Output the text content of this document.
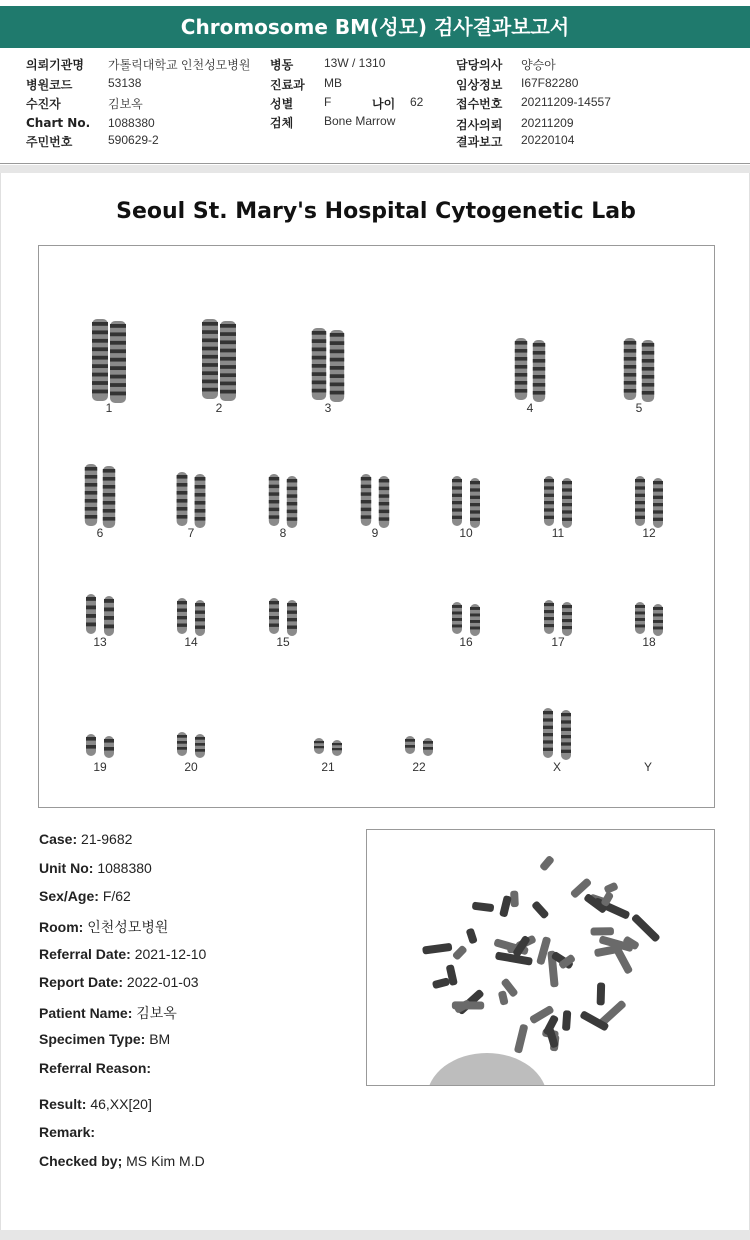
Chromosome BM(성모) 검사결과보고서
의뢰기관명 가톨릭대학교 인천성모병원
병원코드	53138
수진자	김보옥
Chart No. 1088380
주민번호	590629-2
병동	13W / 1310
진료과 MB
성별	F	나이 62
검체	Bone Marrow
담당의사 양승아
임상정보 I67F82280
접수번호 20211209-14557
검사의뢰 20211209
결과보고 20220104
Seoul St. Mary's Hospital Cytogenetic Lab
1	2	3	4	5
6	7	8	9	10	11	12
13	14	15	16	17	18
19	20	21	22	X	Y
Case: 21-9682
Unit No: 1088380
Sex/Age: F/62
Room: 인천성모병원
Referral Date: 2021-12-10
Report Date: 2022-01-03
Patient Name: 김보옥
Specimen Type: BM
Referral Reason:
Result: 46,XX[20]
Remark:
Checked by; MS Kim M.D
